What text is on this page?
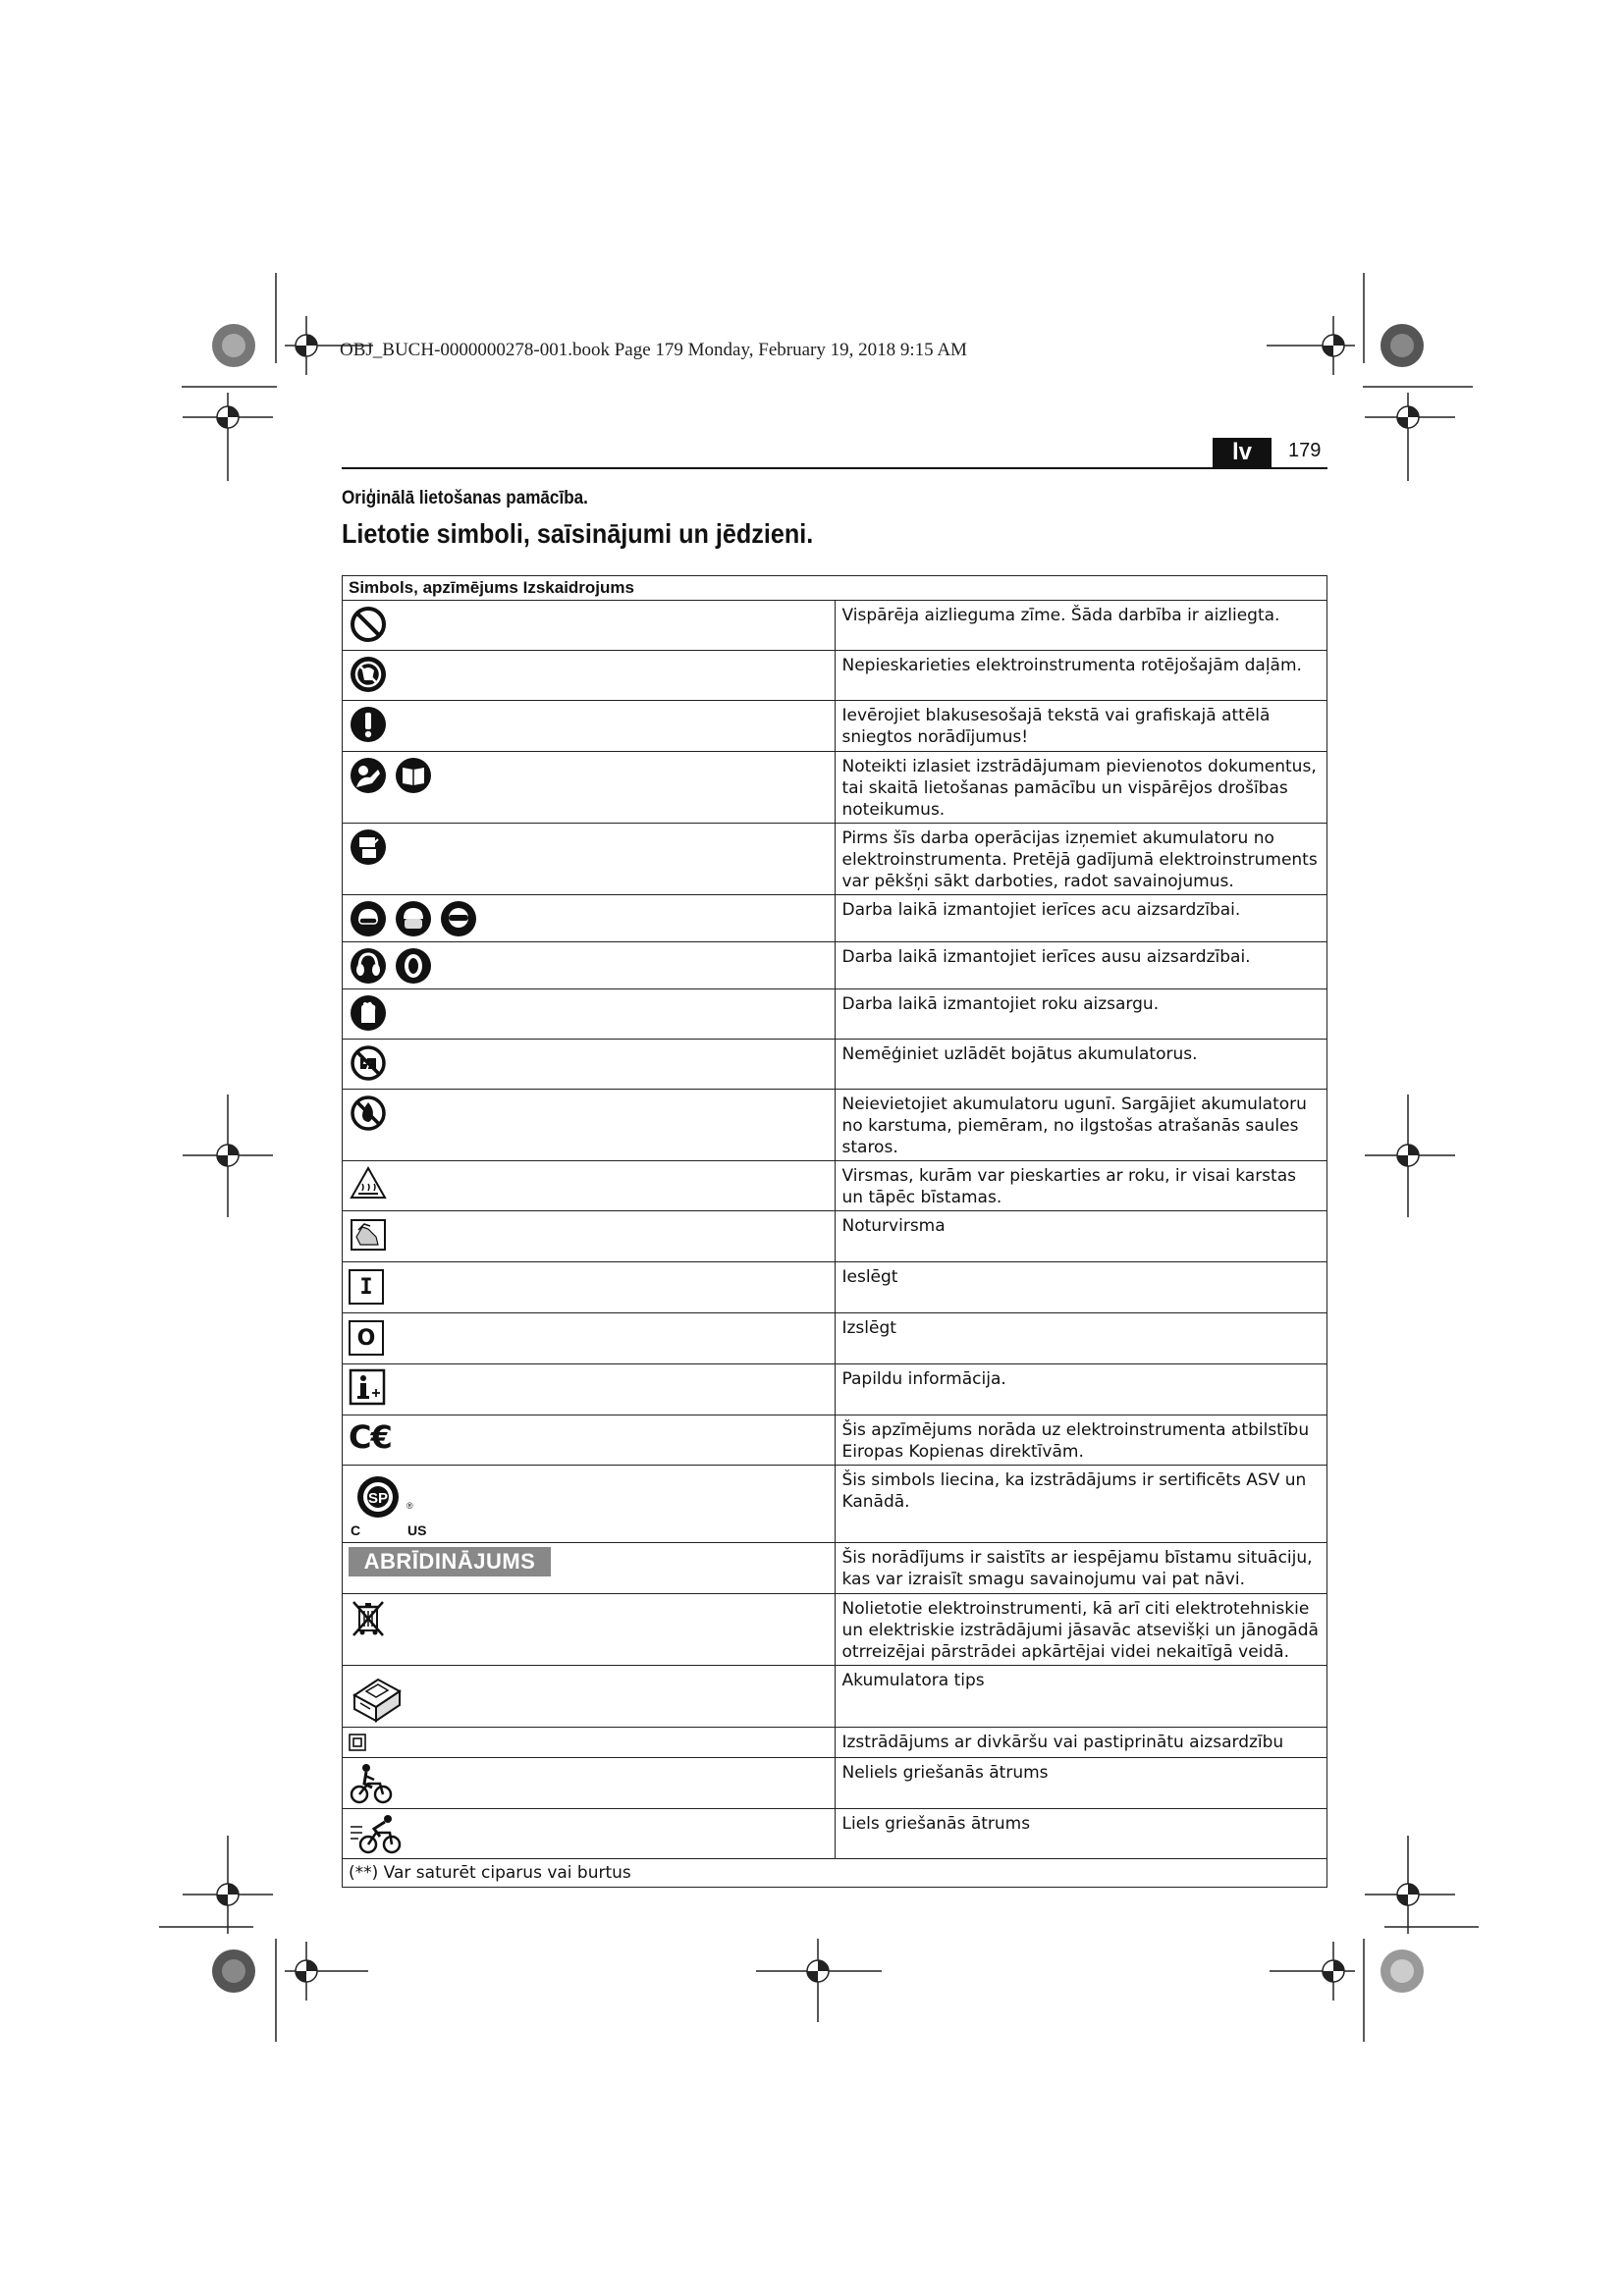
OBJ_BUCH-0000000278-001.book Page 179 Monday, February 19, 2018 9:15 AM
lv	179
Oriģinālā lietošanas pamācība.
Lietotie simboli, saīsinājumi un jēdzieni.
Simbols, apzīmējums Izskaidrojums	

	Vispārēja aizlieguma zīme. Šāda darbība ir aizliegta.

	Nepieskarieties elektroinstrumenta rotējošajām daļām.

	Ievērojiet blakusesošajā tekstā vai grafiskajā attēlā sniegtos norādījumus!

	Noteikti izlasiet izstrādājumam pievienotos dokumentus, tai skaitā lietošanas pamācību un vispārējos drošības noteikumus.

	Pirms šīs darba operācijas izņemiet akumulatoru no elektroinstrumenta. Pretējā gadījumā elektroinstruments var pēkšņi sākt darboties, radot savainojumus.

	Darba laikā izmantojiet ierīces acu aizsardzībai.

	Darba laikā izmantojiet ierīces ausu aizsardzībai.

	Darba laikā izmantojiet roku aizsargu.

	Nemēģiniet uzlādēt bojātus akumulatorus.

	Neievietojiet akumulatoru ugunī. Sargājiet akumulatoru no karstuma, piemēram, no ilgstošas atrašanās saules staros.

	Virsmas, kurām var pieskarties ar roku, ir visai karstas un tāpēc bīstamas.

	Noturvirsma

I	Ieslēgt

O	Izslēgt

	Papildu informācija.

C€	Šis apzīmējums norāda uz elektroinstrumenta atbilstību Eiropas Kopienas direktīvām.

SP ®
C US	Šis simbols liecina, ka izstrādājums ir sertificēts ASV un Kanādā.

ABRĪDINĀJUMS	Šis norādījums ir saistīts ar iespējamu bīstamu situāciju, kas var izraisīt smagu savainojumu vai pat nāvi.

	Nolietotie elektroinstrumenti, kā arī citi elektrotehniskie un elektriskie izstrādājumi jāsavāc atsevišķi un jānogādā otrreizējai pārstrādei apkārtējai videi nekaitīgā veidā.

	Akumulatora tips

	Izstrādājums ar divkāršu vai pastiprinātu aizsardzību

	Neliels griešanās ātrums

	Liels griešanās ātrums

(**) Var saturēt ciparus vai burtus	
